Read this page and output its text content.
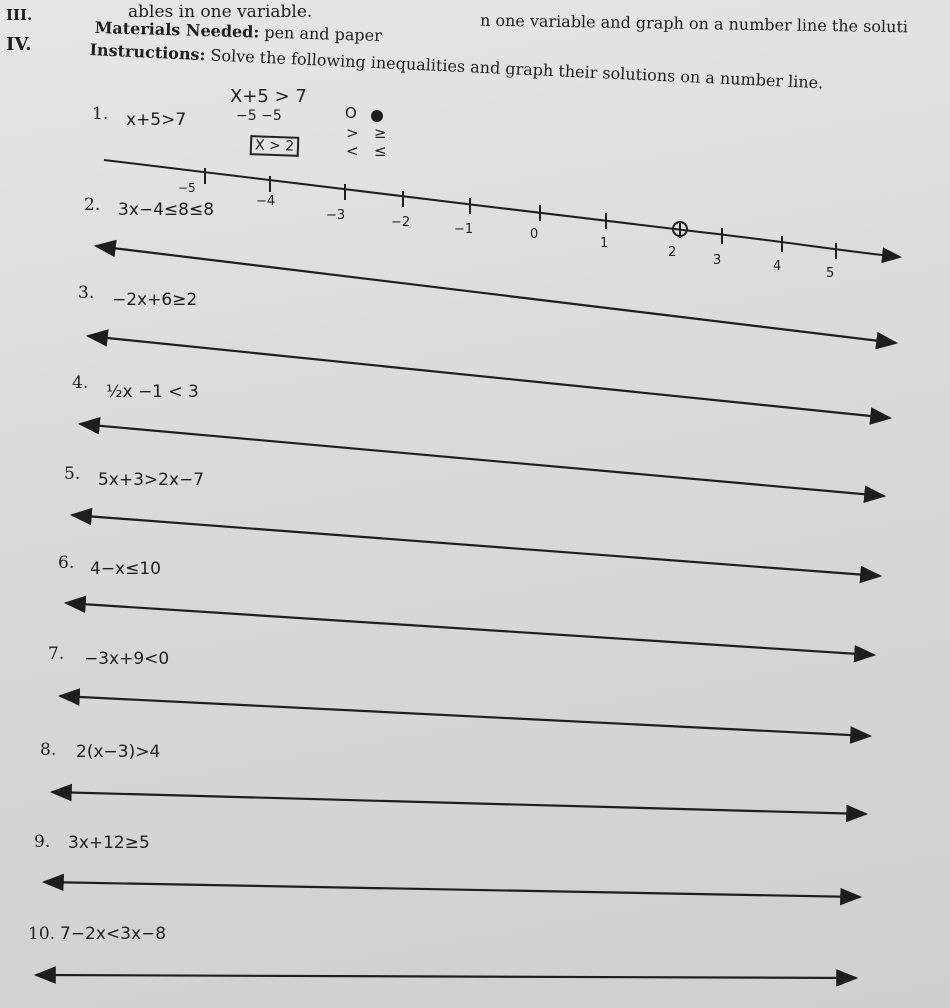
ables in one variable.	n one variable and graph on a number line the soluti
III.
Materials Needed: pen and paper
IV.	Instructions: Solve the following inequalities and graph their solutions on a number line.
1. x+5>7
2. 3x−4≤8≤8
3. −2x+6≥2
4. ½x −1 < 3
5. 5x+3>2x−7
6. 4−x≤10
7. −3x+9<0
8. 2(x−3)>4
9. 3x+12≥5
10. 7−2x<3x−8
X+5 > 7
−5 −5
X > 2
O
> ≥
< ≤
−5
−4
−3	−2	−1	0
1
2
3	4	5
